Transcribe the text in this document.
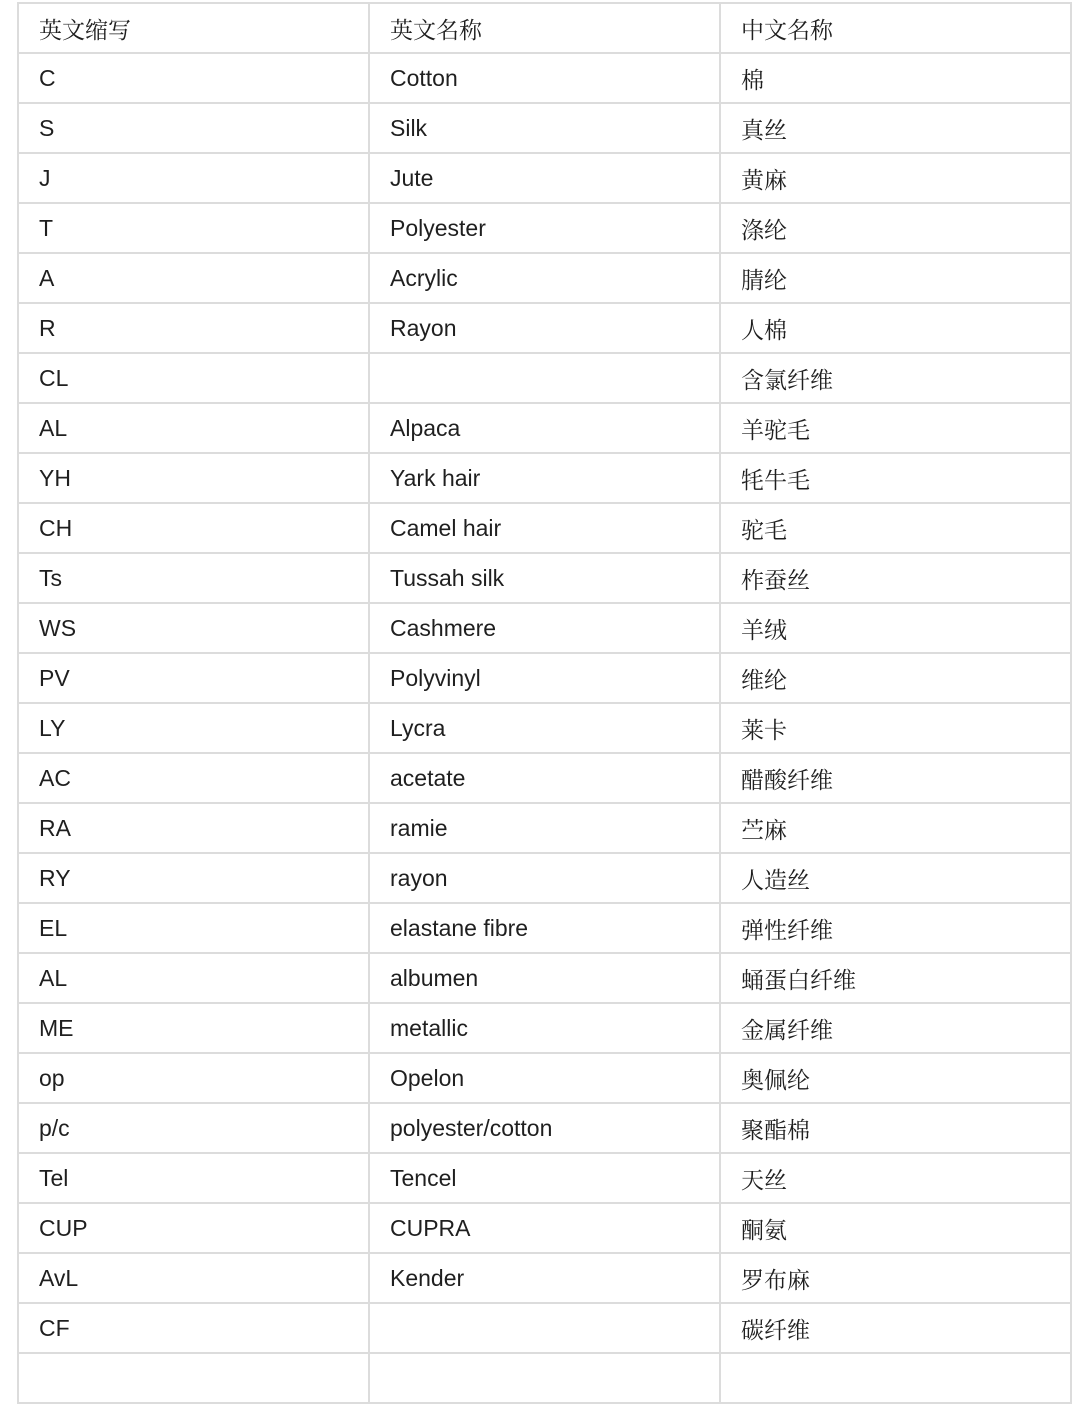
英文缩写	英文名称	中文名称
C	Cotton	棉
S	Silk	真丝
J	Jute	黄麻
T	Polyester	涤纶
A	Acrylic	腈纶
R	Rayon	人棉
CL		含氯纤维
AL	Alpaca	羊驼毛
YH	Yark hair	牦牛毛
CH	Camel hair	驼毛
Ts	Tussah silk	柞蚕丝
WS	Cashmere	羊绒
PV	Polyvinyl	维纶
LY	Lycra	莱卡
AC	acetate	醋酸纤维
RA	ramie	苎麻
RY	rayon	人造丝
EL	elastane fibre	弹性纤维
AL	albumen	蛹蛋白纤维
ME	metallic	金属纤维
op	Opelon	奥佩纶
p/c	polyester/cotton	聚酯棉
Tel	Tencel	天丝
CUP	CUPRA	酮氨
AvL	Kender	罗布麻
CF		碳纤维
